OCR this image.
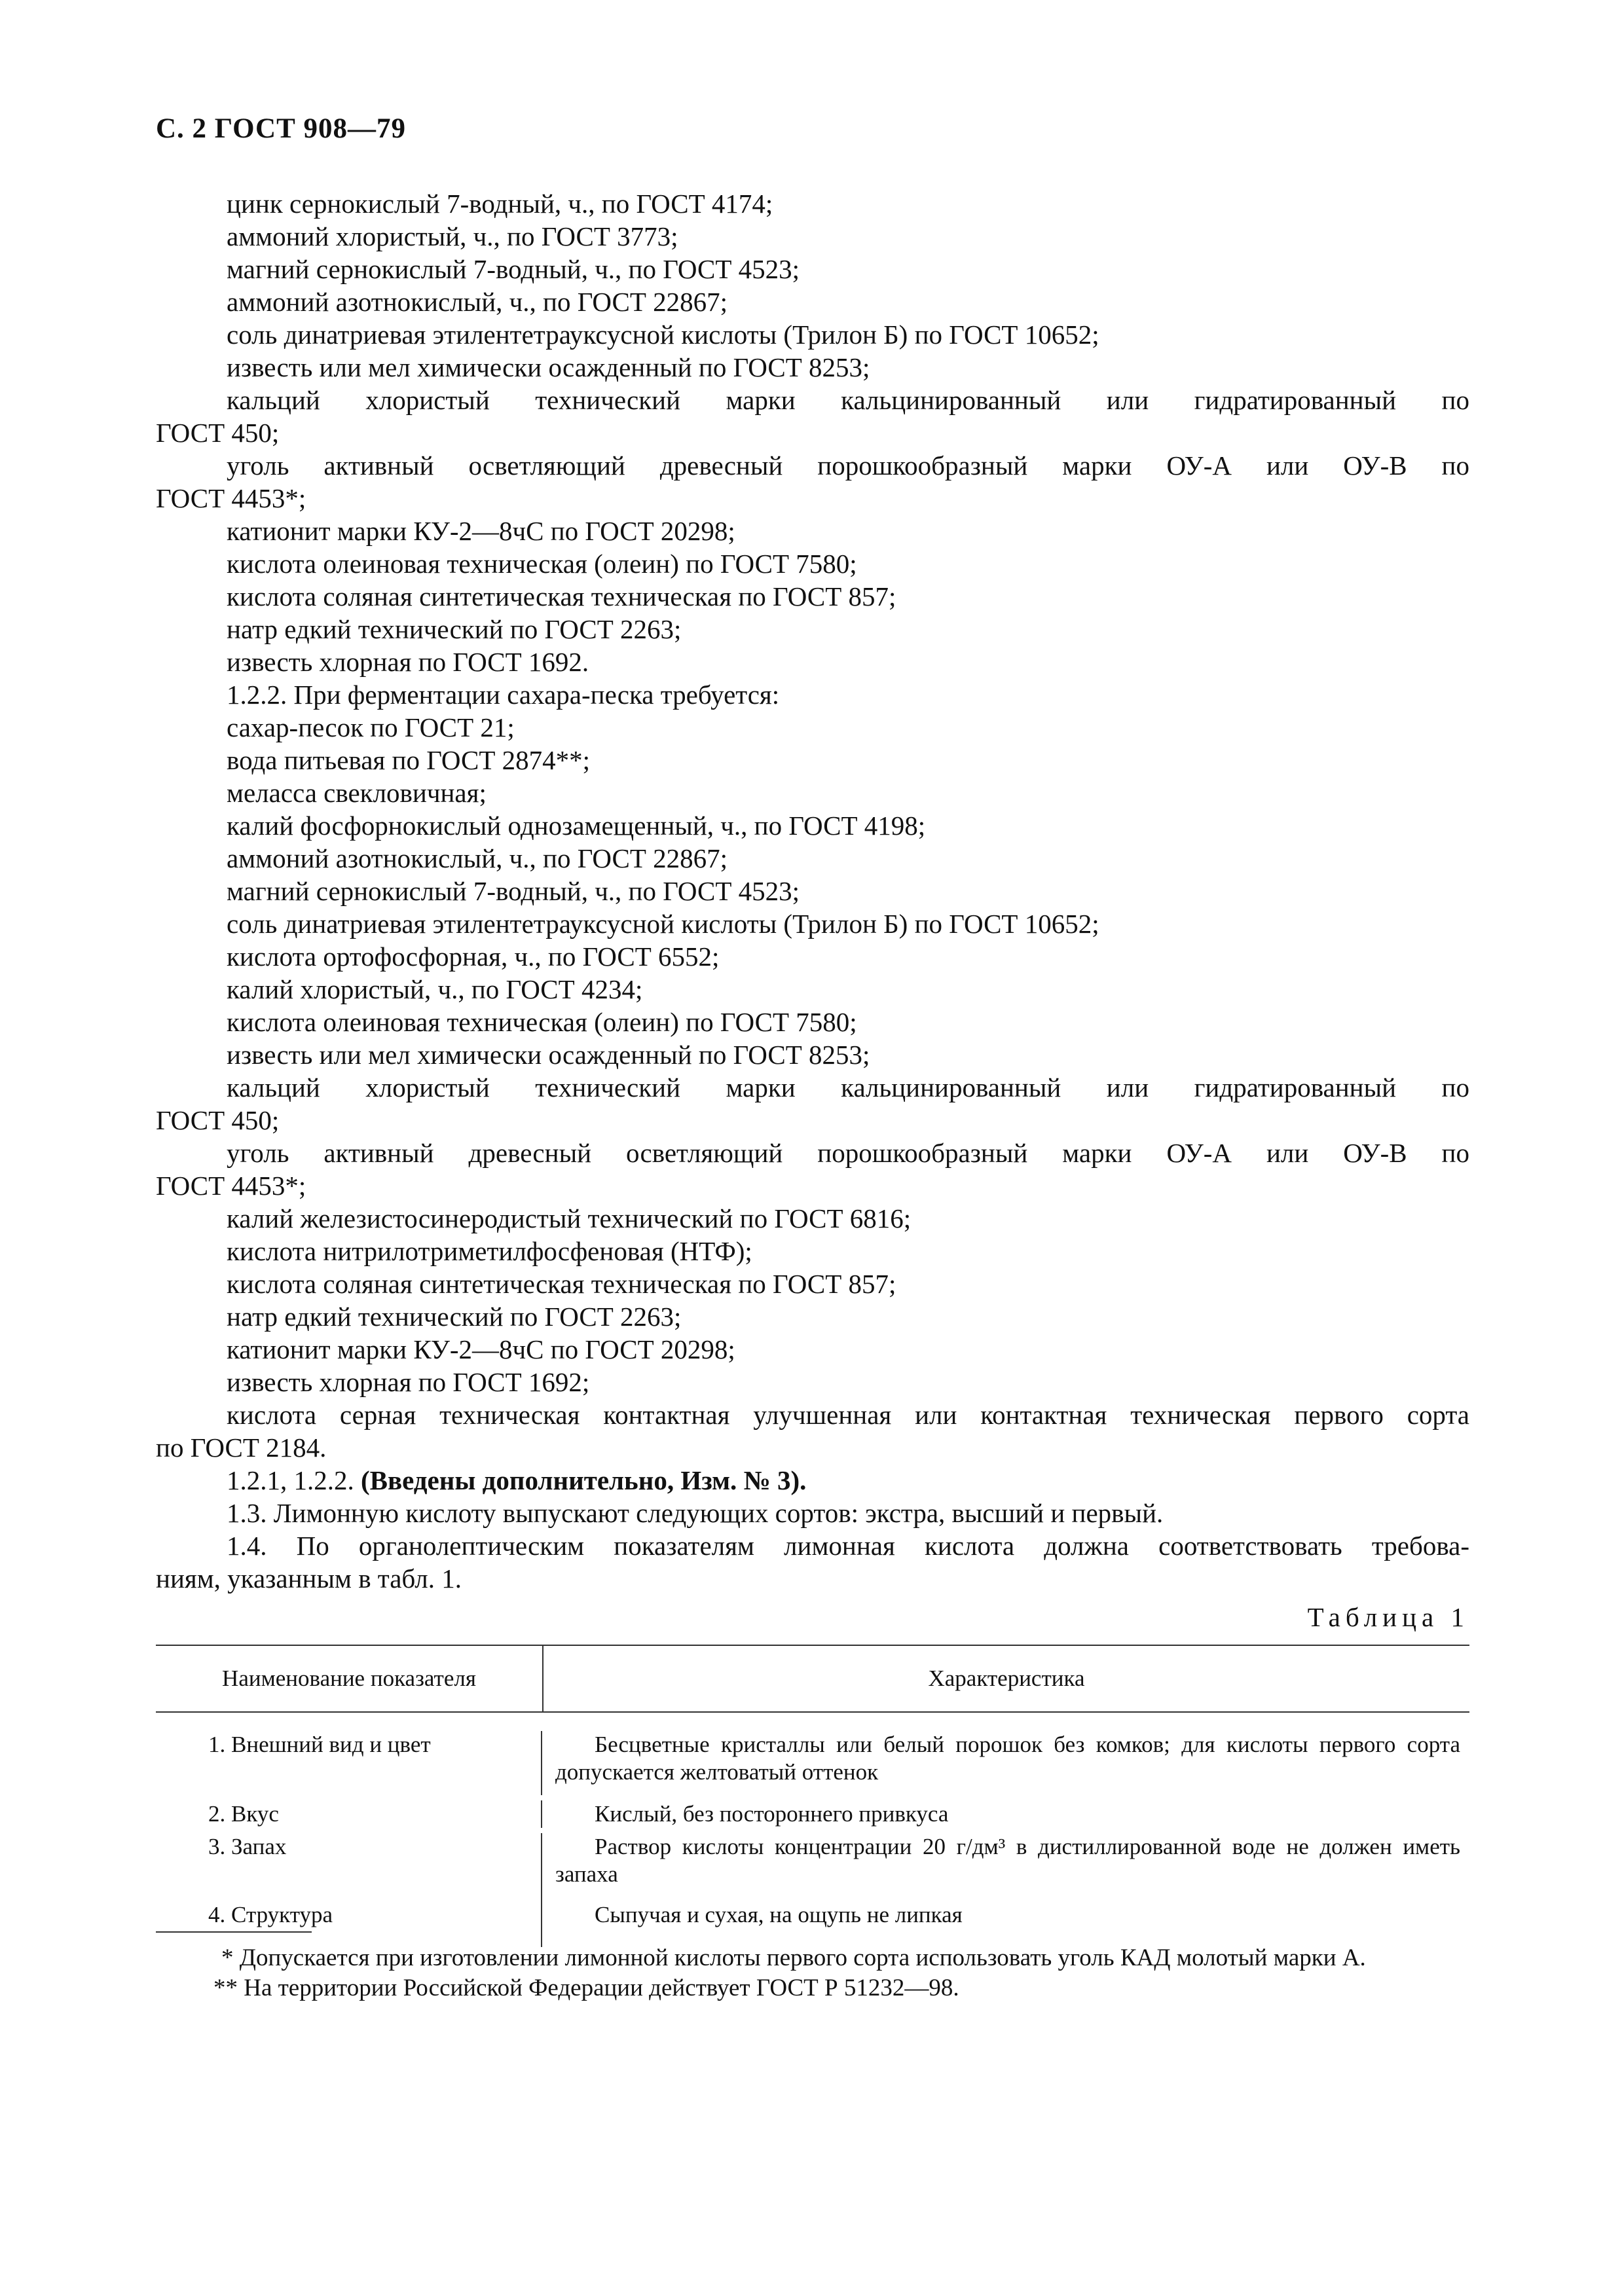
С. 2 ГОСТ 908—79

цинк сернокислый 7-водный, ч., по ГОСТ 4174;

аммоний хлористый, ч., по ГОСТ 3773;

магний сернокислый 7-водный, ч., по ГОСТ 4523;

аммоний азотнокислый, ч., по ГОСТ 22867;

соль динатриевая этилентетрауксусной кислоты (Трилон Б) по ГОСТ 10652;

известь или мел химически осажденный по ГОСТ 8253;

кальций хлористый технический марки кальцинированный или гидратированный по

ГОСТ 450;

уголь активный осветляющий древесный порошкообразный марки ОУ-А или ОУ-В по

ГОСТ 4453*;

катионит марки КУ-2—8чС по ГОСТ 20298;

кислота олеиновая техническая (олеин) по ГОСТ 7580;

кислота соляная синтетическая техническая по ГОСТ 857;

натр едкий технический по ГОСТ 2263;

известь хлорная по ГОСТ 1692.

1.2.2. При ферментации сахара-песка требуется:

сахар-песок по ГОСТ 21;

вода питьевая по ГОСТ 2874**;

меласса свекловичная;

калий фосфорнокислый однозамещенный, ч., по ГОСТ 4198;

аммоний азотнокислый, ч., по ГОСТ 22867;

магний сернокислый 7-водный, ч., по ГОСТ 4523;

соль динатриевая этилентетрауксусной кислоты (Трилон Б) по ГОСТ 10652;

кислота ортофосфорная, ч., по ГОСТ 6552;

калий хлористый, ч., по ГОСТ 4234;

кислота олеиновая техническая (олеин) по ГОСТ 7580;

известь или мел химически осажденный по ГОСТ 8253;

кальций хлористый технический марки кальцинированный или гидратированный по

ГОСТ 450;

уголь активный древесный осветляющий порошкообразный марки ОУ-А или ОУ-В по

ГОСТ 4453*;

калий железистосинеродистый технический по ГОСТ 6816;

кислота нитрилотриметилфосфеновая (НТФ);

кислота соляная синтетическая техническая по ГОСТ 857;

натр едкий технический по ГОСТ 2263;

катионит марки КУ-2—8чС по ГОСТ 20298;

известь хлорная по ГОСТ 1692;

кислота серная техническая контактная улучшенная или контактная техническая первого сорта

по ГОСТ 2184.

1.2.1, 1.2.2. (Введены дополнительно, Изм. № 3).

1.3. Лимонную кислоту выпускают следующих сортов: экстра, высший и первый.

1.4. По органолептическим показателям лимонная кислота должна соответствовать требова-

ниям, указанным в табл. 1.

Таблица 1
Наименование показателя	Характеристика
1. Внешний вид и цвет	Бесцветные кристаллы или белый порошок без комков; для кислоты первого сорта допускается желтоватый оттенок
2. Вкус	Кислый, без постороннего привкуса
3. Запах	Раствор кислоты концентрации 20 г/дм³ в дистиллированной воде не должен иметь запаха
4. Структура	Сыпучая и сухая, на ощупь не липкая

* Допускается при изготовлении лимонной кислоты первого сорта использовать уголь КАД молотый марки А.

** На территории Российской Федерации действует ГОСТ Р 51232—98.
